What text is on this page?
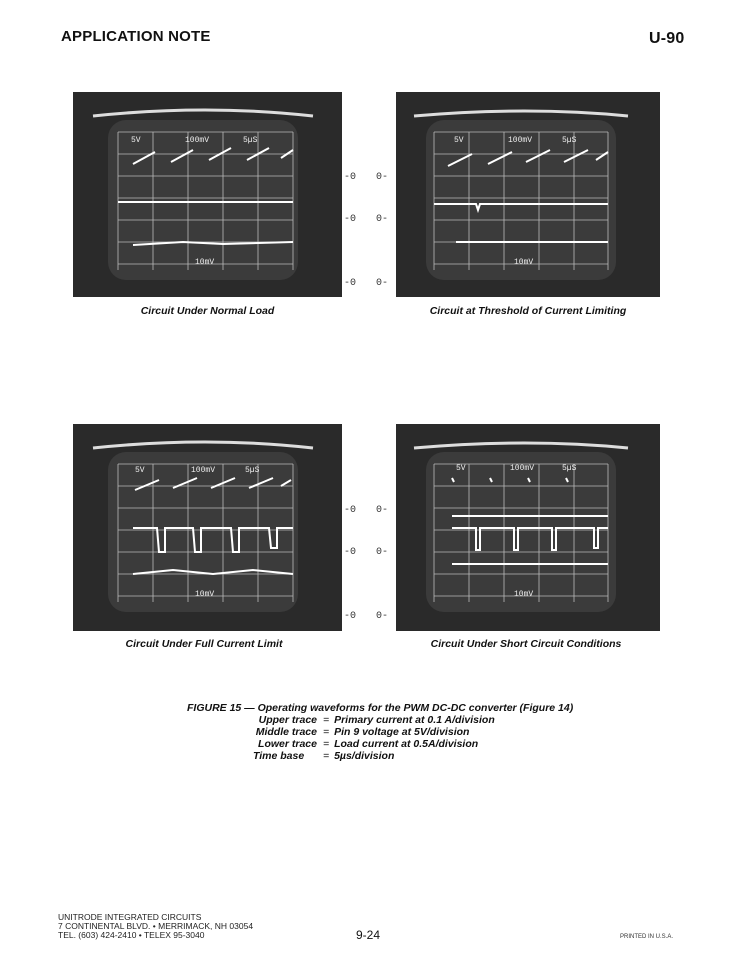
APPLICATION NOTE	U-90
5V	100mV	5µS
10mV
-0
-0
-0
Circuit Under Normal Load
5V	100mV	5µS
10mV
0-
0-
0-
Circuit at Threshold of Current Limiting
5V	100mV	5µS
10mV
-0
-0
-0
Circuit Under Full Current Limit
5V	100mV	5µS
10mV
0-
0-
0-
Circuit Under Short Circuit Conditions
FIGURE 15 — Operating waveforms for the PWM DC-DC converter (Figure 14)
Upper trace = Primary current at 0.1 A/division
Middle trace = Pin 9 voltage at 5V/division
Lower trace = Load current at 0.5A/division
Time base = 5µs/division
UNITRODE INTEGRATED CIRCUITS
7 CONTINENTAL BLVD. • MERRIMACK, NH 03054
TEL. (603) 424-2410 • TELEX 95-3040	9-24	PRINTED IN U.S.A.
